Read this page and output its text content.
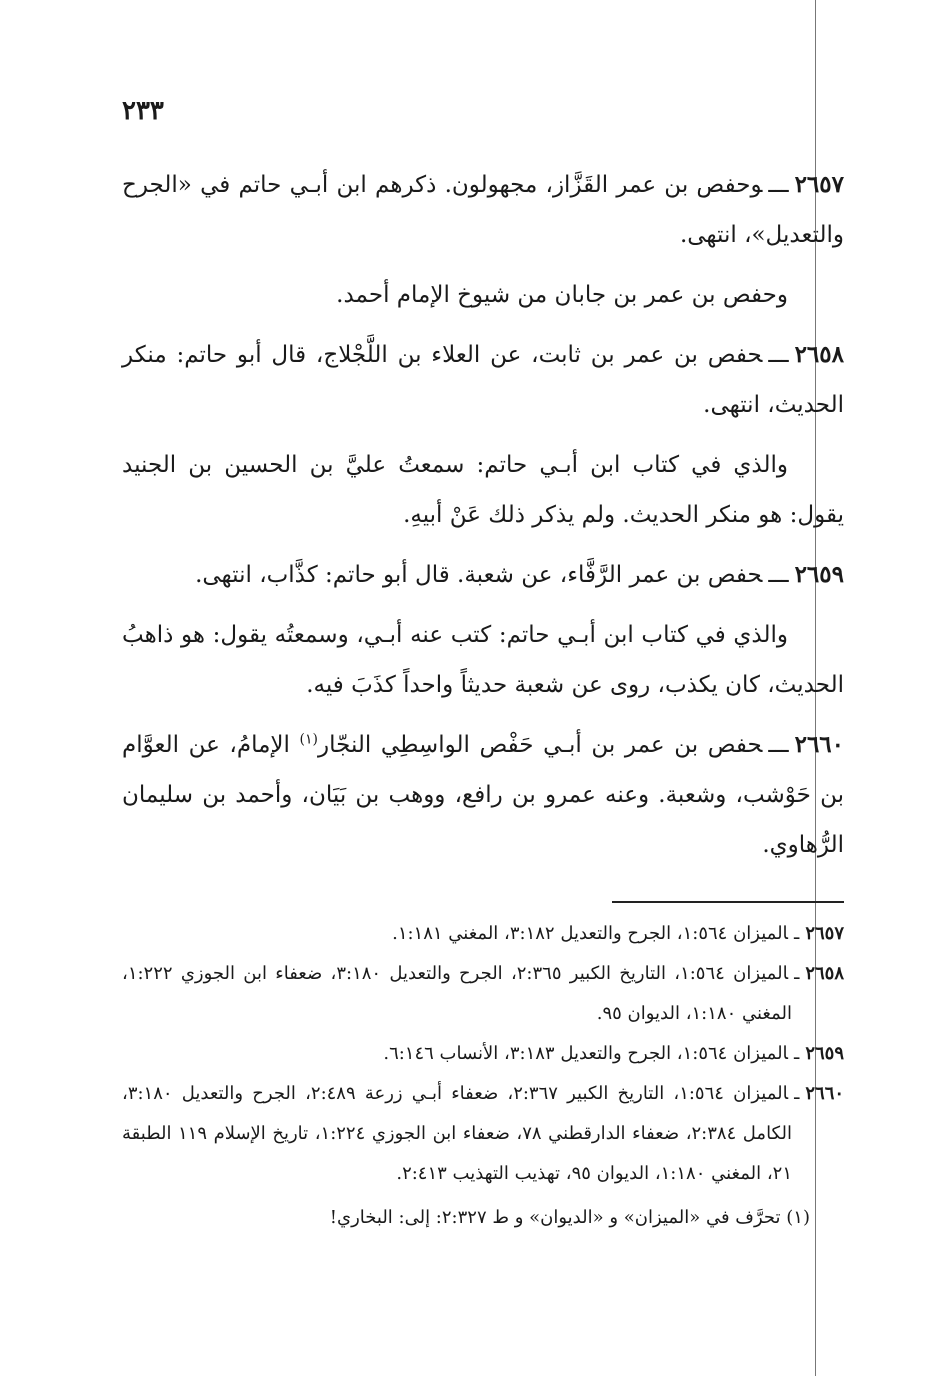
٢٣٣

٢٦٥٧ـــوحفص بن عمر القَزَّاز، مجهولون. ذكرهم ابن أبـي حاتم في «الجرح والتعديل»، انتهى.

وحفص بن عمر بن جابان من شيوخ الإمام أحمد.

٢٦٥٨ـــحفص بن عمر بن ثابت، عن العلاء بن اللَّجْلاج، قال أبو حاتم: منكر الحديث، انتهى.

والذي في كتاب ابن أبـي حاتم: سمعتُ عليَّ بن الحسين بن الجنيد يقول: هو منكر الحديث. ولم يذكر ذلك عَنْ أبيهِ.

٢٦٥٩ـــحفص بن عمر الرَّفَّاء، عن شعبة. قال أبو حاتم: كذَّاب، انتهى.

والذي في كتاب ابن أبـي حاتم: كتب عنه أبـي، وسمعتُه يقول: هو ذاهبُ الحديث، كان يكذب، روى عن شعبة حديثاً واحداً كذَبَ فيه.

٢٦٦٠ـــحفص بن عمر بن أبـي حَفْص الواسِطِي النجّار$^{(١)}$ الإمامُ، عن العوَّام بن حَوْشب، وشعبة. وعنه عمرو بن رافع، ووهب بن بَيَان، وأحمد بن سليمان الرُّهاوي.

٢٦٥٧ـالميزان ١:٥٦٤، الجرح والتعديل ٣:١٨٢، المغني ١:١٨١.

٢٦٥٨ـالميزان ١:٥٦٤، التاريخ الكبير ٢:٣٦٥، الجرح والتعديل ٣:١٨٠، ضعفاء ابن الجوزي ١:٢٢٢، المغني ١:١٨٠، الديوان ٩٥.

٢٦٥٩ـالميزان ١:٥٦٤، الجرح والتعديل ٣:١٨٣، الأنساب ٦:١٤٦.

٢٦٦٠ـالميزان ١:٥٦٤، التاريخ الكبير ٢:٣٦٧، ضعفاء أبـي زرعة ٢:٤٨٩، الجرح والتعديل ٣:١٨٠، الكامل ٢:٣٨٤، ضعفاء الدارقطني ٧٨، ضعفاء ابن الجوزي ١:٢٢٤، تاريخ الإسلام ١١٩ الطبقة ٢١، المغني ١:١٨٠، الديوان ٩٥، تهذيب التهذيب ٢:٤١٣.

(١) تحرَّف في «الميزان» و «الديوان» و ط ٢:٣٢٧: إلى: البخاري!
